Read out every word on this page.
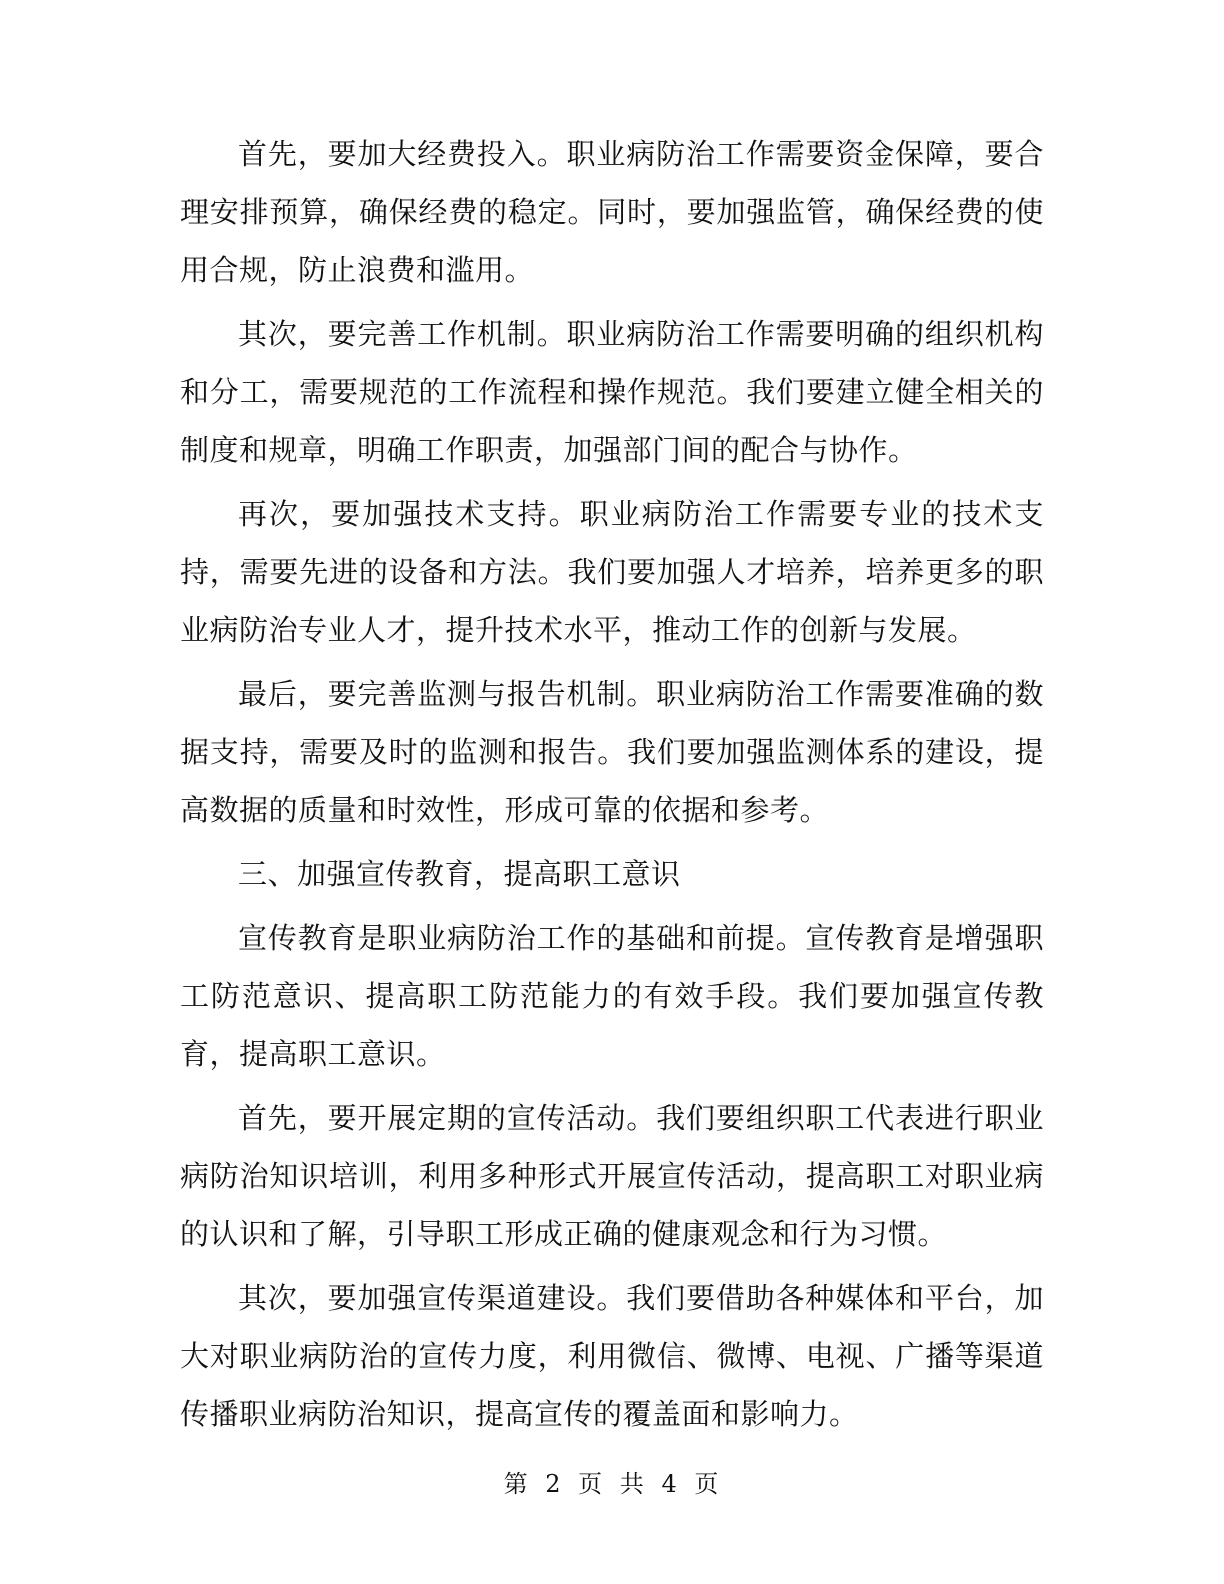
首先，要加大经费投入。职业病防治工作需要资金保障，要合理安排预算，确保经费的稳定。同时，要加强监管，确保经费的使用合规，防止浪费和滥用。

其次，要完善工作机制。职业病防治工作需要明确的组织机构和分工，需要规范的工作流程和操作规范。我们要建立健全相关的制度和规章，明确工作职责，加强部门间的配合与协作。

再次，要加强技术支持。职业病防治工作需要专业的技术支持，需要先进的设备和方法。我们要加强人才培养，培养更多的职业病防治专业人才，提升技术水平，推动工作的创新与发展。

最后，要完善监测与报告机制。职业病防治工作需要准确的数据支持，需要及时的监测和报告。我们要加强监测体系的建设，提高数据的质量和时效性，形成可靠的依据和参考。

三、加强宣传教育，提高职工意识

宣传教育是职业病防治工作的基础和前提。宣传教育是增强职工防范意识、提高职工防范能力的有效手段。我们要加强宣传教育，提高职工意识。

首先，要开展定期的宣传活动。我们要组织职工代表进行职业病防治知识培训，利用多种形式开展宣传活动，提高职工对职业病的认识和了解，引导职工形成正确的健康观念和行为习惯。

其次，要加强宣传渠道建设。我们要借助各种媒体和平台，加大对职业病防治的宣传力度，利用微信、微博、电视、广播等渠道传播职业病防治知识，提高宣传的覆盖面和影响力。

第 2 页 共 4 页
